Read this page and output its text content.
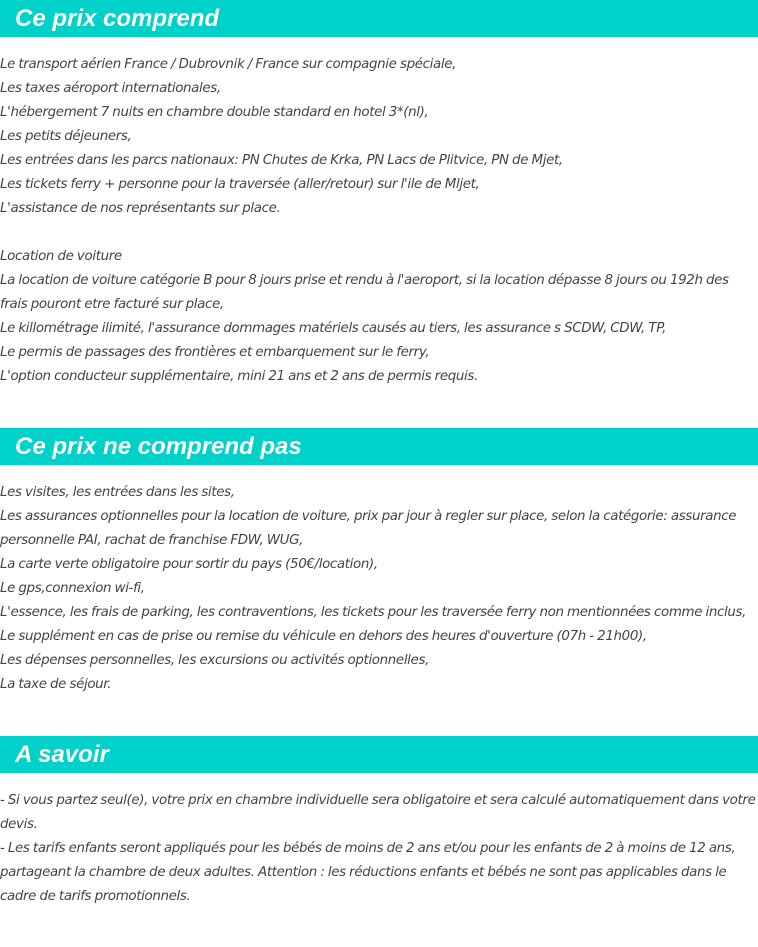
Ce prix comprend
Le transport aérien France / Dubrovnik / France sur compagnie spéciale,
Les taxes aéroport internationales,
L'hébergement 7 nuits en chambre double standard en hotel 3*(nl),
Les petits déjeuners,
Les entrées dans les parcs nationaux: PN Chutes de Krka, PN Lacs de Plitvice, PN de Mjet,
Les tickets ferry + personne pour la traversée (aller/retour) sur l'ile de Mljet,
L'assistance de nos représentants sur place.
Location de voiture
La location de voiture catégorie B pour 8 jours prise et rendu à l'aeroport, si la location dépasse 8 jours ou 192h des frais pouront etre facturé sur place,
Le killométrage ilimité, l'assurance dommages matériels causés au tiers, les assurance s SCDW, CDW, TP,
Le permis de passages des frontières et embarquement sur le ferry,
L'option conducteur supplémentaire, mini 21 ans et 2 ans de permis requis.
Ce prix ne comprend pas
Les visites, les entrées dans les sites,
Les assurances optionnelles pour la location de voiture, prix par jour à regler sur place, selon la catégorie: assurance personnelle PAI, rachat de franchise FDW, WUG,
La carte verte obligatoire pour sortir du pays (50€/location),
Le gps,connexion wi-fi,
L'essence, les frais de parking, les contraventions, les tickets pour les traversée ferry non mentionnées comme inclus,
Le supplément en cas de prise ou remise du véhicule en dehors des heures d'ouverture (07h - 21h00),
Les dépenses personnelles, les excursions ou activités optionnelles,
La taxe de séjour.
A savoir
- Si vous partez seul(e), votre prix en chambre individuelle sera obligatoire et sera calculé automatiquement dans votre devis.
- Les tarifs enfants seront appliqués pour les bébés de moins de 2 ans et/ou pour les enfants de 2 à moins de 12 ans, partageant la chambre de deux adultes. Attention : les réductions enfants et bébés ne sont pas applicables dans le cadre de tarifs promotionnels.
